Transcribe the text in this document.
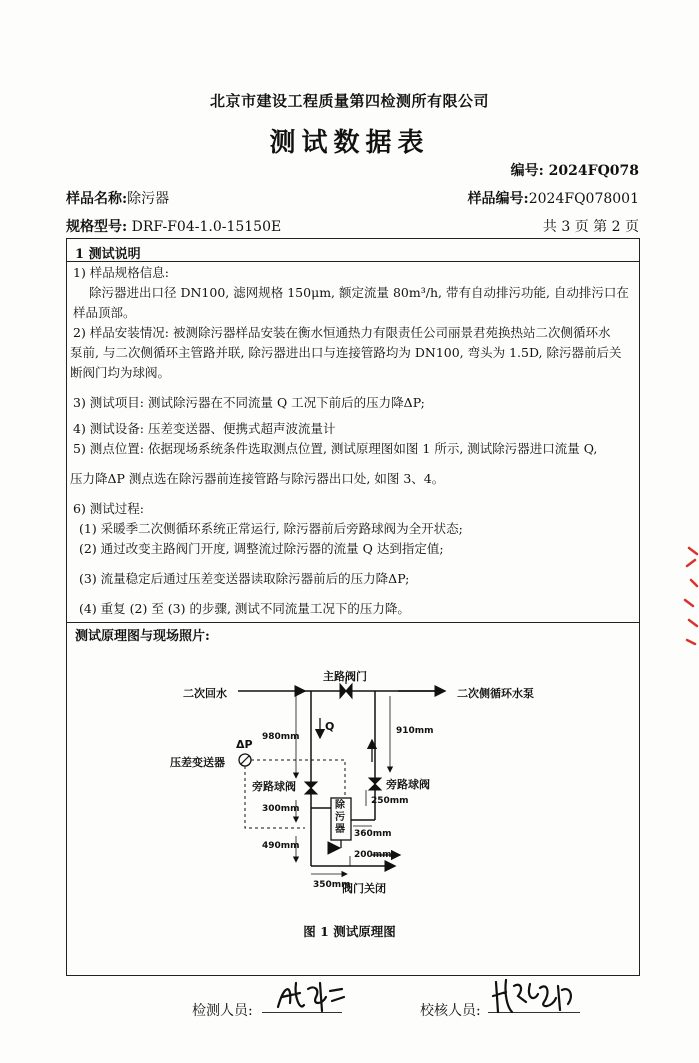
北京市建设工程质量第四检测所有限公司
测试数据表
编号: 2024FQ078
样品名称:除污器	样品编号:2024FQ078001
规格型号: DRF-F04-1.0-15150E	共 3 页 第 2 页
1 测试说明
1) 样品规格信息:
除污器进出口径 DN100, 滤网规格 150μm, 额定流量 80m³/h, 带有自动排污功能, 自动排污口在
样品顶部。
2) 样品安装情况: 被测除污器样品安装在衡水恒通热力有限责任公司丽景君苑换热站二次侧循环水
泵前, 与二次侧循环主管路并联, 除污器进出口与连接管路均为 DN100, 弯头为 1.5D, 除污器前后关
断阀门均为球阀。
3) 测试项目: 测试除污器在不同流量 Q 工况下前后的压力降ΔP;
4) 测试设备: 压差变送器、便携式超声波流量计
5) 测点位置: 依据现场系统条件选取测点位置, 测试原理图如图 1 所示, 测试除污器进口流量 Q,
压力降ΔP 测点选在除污器前连接管路与除污器出口处, 如图 3、4。
6) 测试过程:
(1) 采暖季二次侧循环系统正常运行, 除污器前后旁路球阀为全开状态;
(2) 通过改变主路阀门开度, 调整流过除污器的流量 Q 达到指定值;
(3) 流量稳定后通过压差变送器读取除污器前后的压力降ΔP;
(4) 重复 (2) 至 (3) 的步骤, 测试不同流量工况下的压力降。
测试原理图与现场照片:
二次回水
主路阀门
二次侧循环水泵
ΔP
压差变送器
旁路球阀	旁路球阀
除污器
Q
阀门关闭
980mm
910mm
300mm
490mm
250mm
360mm
200mm
350mm
图 1 测试原理图
检测人员:	校核人员:
